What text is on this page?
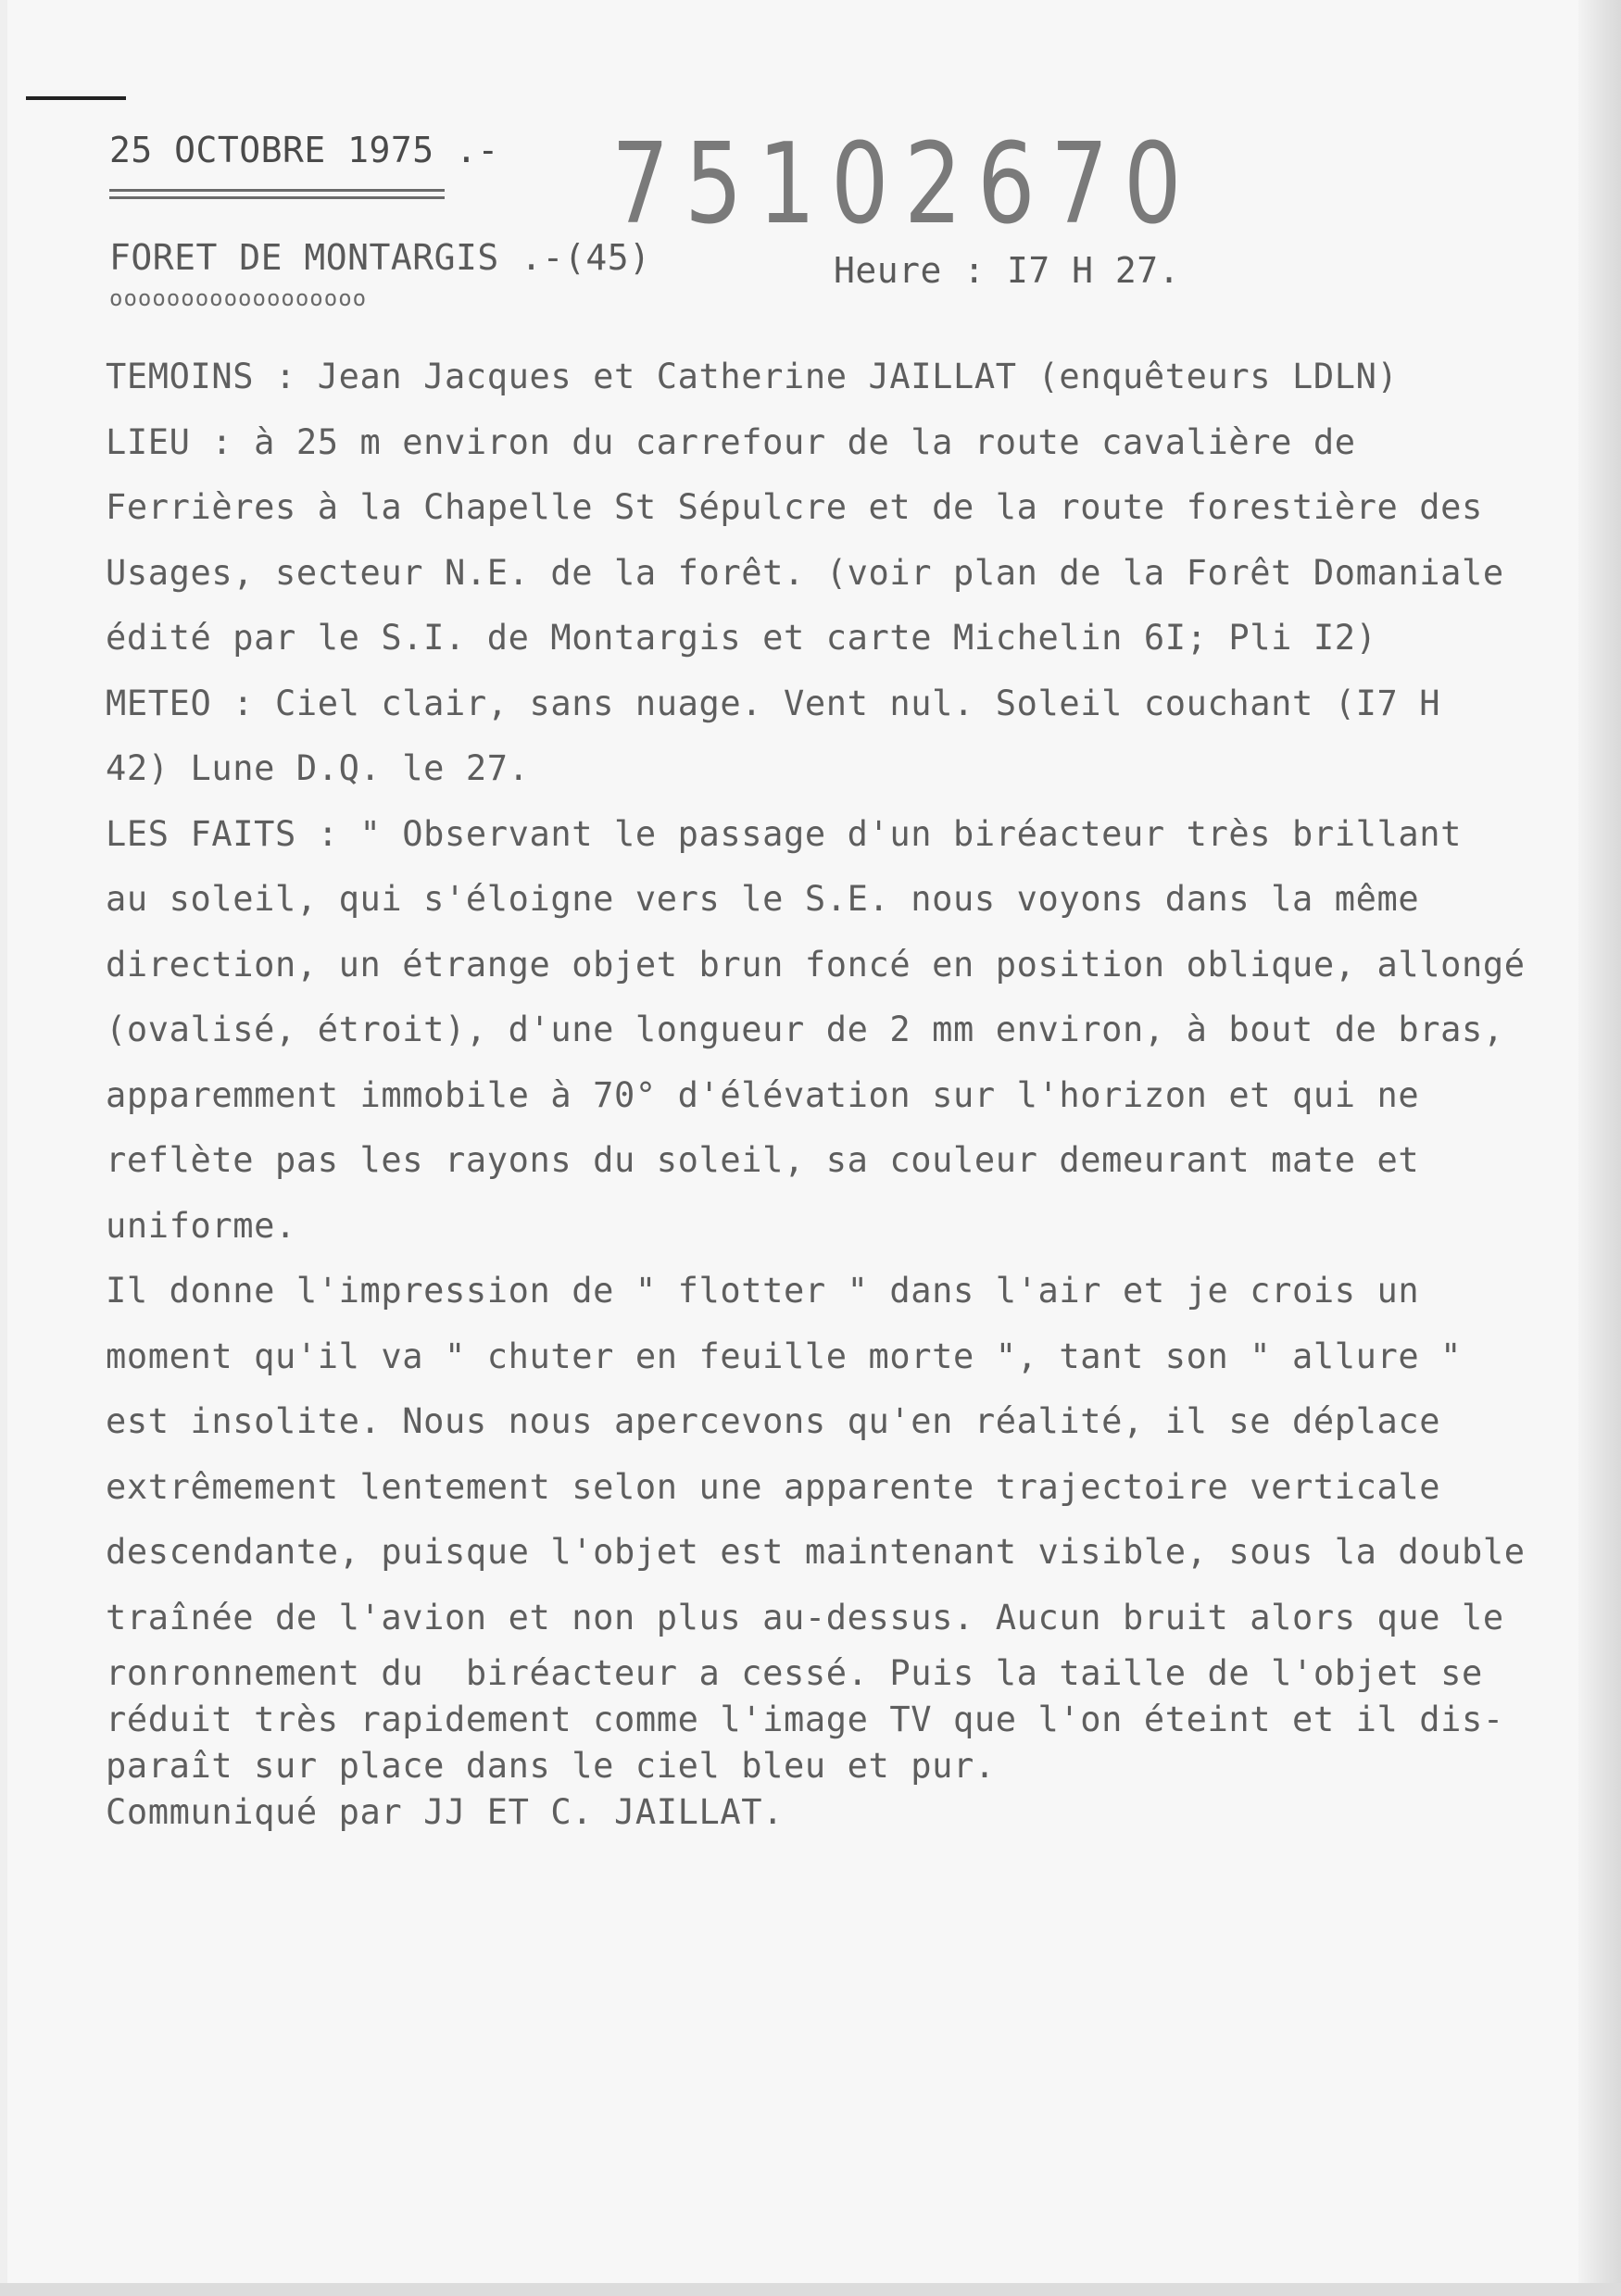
25 OCTOBRE 1975 .- 75102670
FORET DE MONTARGIS .-(45)	Heure : I7 H 27.
oooooooooooooooooo
TEMOINS : Jean Jacques et Catherine JAILLAT (enquêteurs LDLN)
LIEU : à 25 m environ du carrefour de la route cavalière de
Ferrières à la Chapelle St Sépulcre et de la route forestière des
Usages, secteur N.E. de la forêt. (voir plan de la Forêt Domaniale
édité par le S.I. de Montargis et carte Michelin 6I; Pli I2)
METEO : Ciel clair, sans nuage. Vent nul. Soleil couchant (I7 H
42) Lune D.Q. le 27.
LES FAITS : " Observant le passage d'un biréacteur très brillant
au soleil, qui s'éloigne vers le S.E. nous voyons dans la même
direction, un étrange objet brun foncé en position oblique, allongé
(ovalisé, étroit), d'une longueur de 2 mm environ, à bout de bras,
apparemment immobile à 70° d'élévation sur l'horizon et qui ne
reflète pas les rayons du soleil, sa couleur demeurant mate et
uniforme.
Il donne l'impression de " flotter " dans l'air et je crois un
moment qu'il va " chuter en feuille morte ", tant son " allure "
est insolite. Nous nous apercevons qu'en réalité, il se déplace
extrêmement lentement selon une apparente trajectoire verticale
descendante, puisque l'objet est maintenant visible, sous la double
traînée de l'avion et non plus au-dessus. Aucun bruit alors que le
ronronnement du  biréacteur a cessé. Puis la taille de l'objet se
réduit très rapidement comme l'image TV que l'on éteint et il dis-
paraît sur place dans le ciel bleu et pur.
Communiqué par JJ ET C. JAILLAT.
